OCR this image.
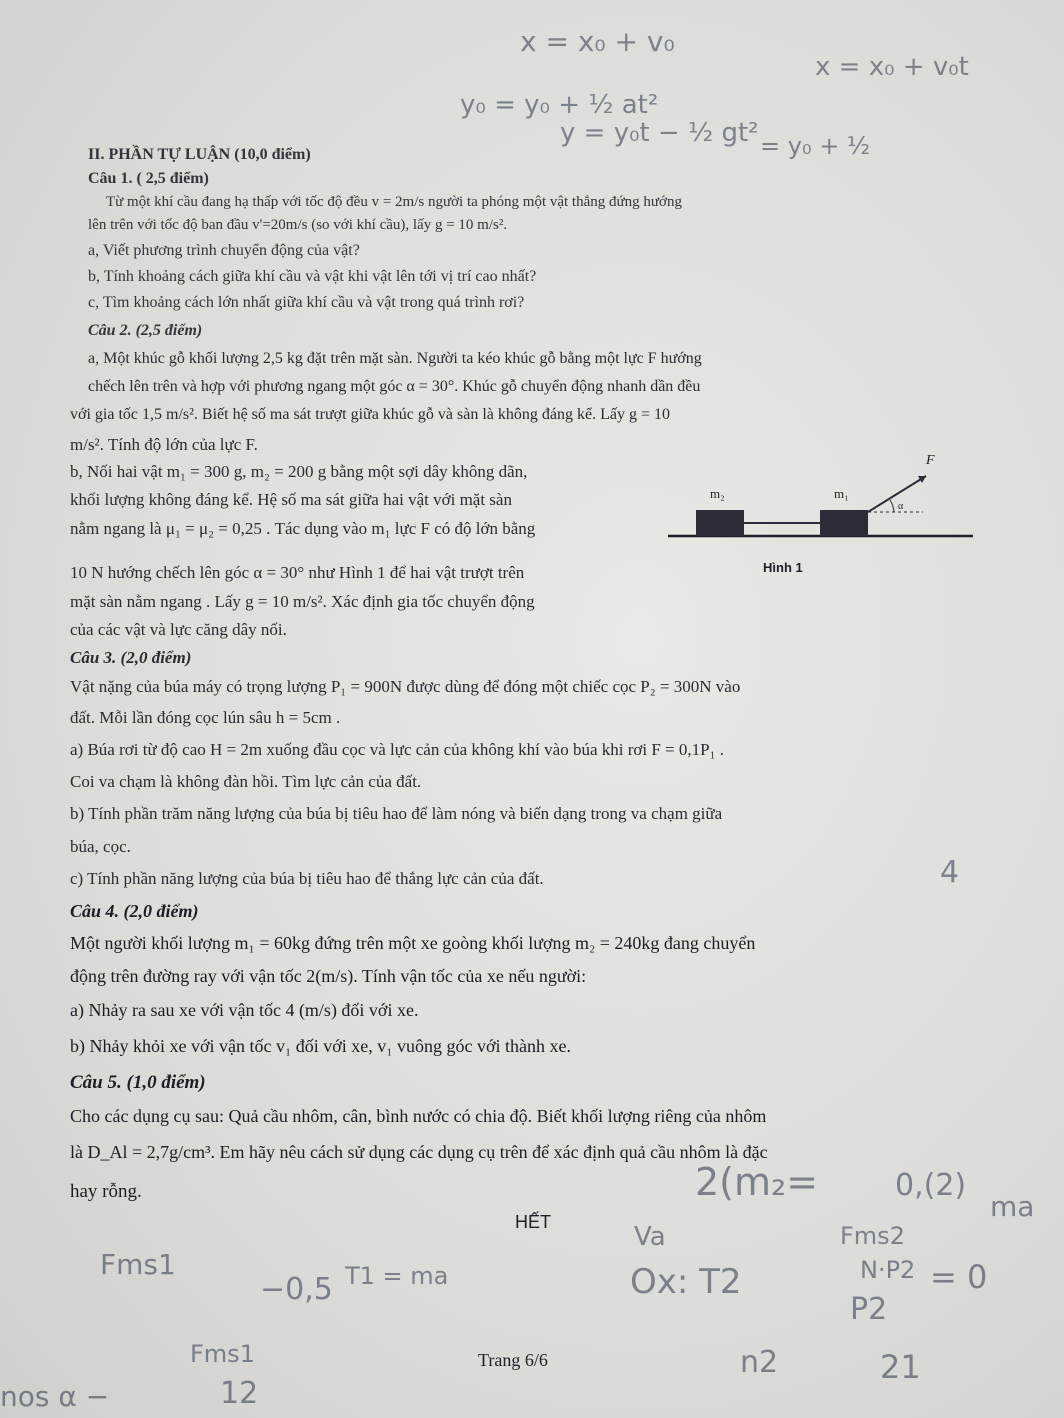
II. PHẦN TỰ LUẬN (10,0 điểm)
Câu 1. ( 2,5 điểm)
Từ một khí cầu đang hạ thấp với tốc độ đều v = 2m/s người ta phóng một vật thẳng đứng hướng
lên trên với tốc độ ban đầu v'=20m/s (so với khí cầu), lấy g = 10 m/s².
a, Viết phương trình chuyển động của vật?
b, Tính khoảng cách giữa khí cầu và vật khi vật lên tới vị trí cao nhất?
c, Tìm khoảng cách lớn nhất giữa khí cầu và vật trong quá trình rơi?
Câu 2. (2,5 điểm)
a, Một khúc gỗ khối lượng 2,5 kg đặt trên mặt sàn. Người ta kéo khúc gỗ bằng một lực F hướng
chếch lên trên và hợp với phương ngang một góc α = 30°. Khúc gỗ chuyển động nhanh dần đều
với gia tốc 1,5 m/s². Biết hệ số ma sát trượt giữa khúc gỗ và sàn là không đáng kể. Lấy g = 10
m/s². Tính độ lớn của lực F.
b, Nối hai vật m₁ = 300 g, m₂ = 200 g bằng một sợi dây không dãn,
khối lượng không đáng kể. Hệ số ma sát giữa hai vật với mặt sàn
nằm ngang là μ₁ = μ₂ = 0,25 . Tác dụng vào m₁ lực F có độ lớn bằng
10 N hướng chếch lên góc α = 30° như Hình 1 để hai vật trượt trên
mặt sàn nằm ngang . Lấy g = 10 m/s². Xác định gia tốc chuyển động
của các vật và lực căng dây nối.
m₂	m₁
F
α
Hình 1
Câu 3. (2,0 điểm)
Vật nặng của búa máy có trọng lượng P₁ = 900N được dùng để đóng một chiếc cọc P₂ = 300N vào
đất. Mỗi lần đóng cọc lún sâu h = 5cm .
a) Búa rơi từ độ cao H = 2m xuống đầu cọc và lực cản của không khí vào búa khi rơi F = 0,1P₁ .
Coi va chạm là không đàn hồi. Tìm lực cản của đất.
b) Tính phần trăm năng lượng của búa bị tiêu hao để làm nóng và biến dạng trong va chạm giữa
búa, cọc.
c) Tính phần năng lượng của búa bị tiêu hao để thắng lực cản của đất.
Câu 4. (2,0 điểm)
Một người khối lượng m₁ = 60kg đứng trên một xe goòng khối lượng m₂ = 240kg đang chuyển
động trên đường ray với vận tốc 2(m/s). Tính vận tốc của xe nếu người:
a) Nhảy ra sau xe với vận tốc 4 (m/s) đối với xe.
b) Nhảy khỏi xe với vận tốc v₁ đối với xe, v₁ vuông góc với thành xe.
Câu 5. (1,0 điểm)
Cho các dụng cụ sau: Quả cầu nhôm, cân, bình nước có chia độ. Biết khối lượng riêng của nhôm
là D_Al = 2,7g/cm³. Em hãy nêu cách sử dụng các dụng cụ trên để xác định quả cầu nhôm là đặc
hay rỗng.
HẾT
Trang 6/6
x = x₀ + v₀
x = x₀ + v₀t
y₀ = y₀ + ½ at²
y = y₀t − ½ gt² = y₀ + ½
4
2(m₂=	0,(2)
Fms1
Fms2
ma
N·P2 = 0
P2
Ox: T2
−0,5 T1 = ma
Fms1
12
nos α −
Va
n2	21
